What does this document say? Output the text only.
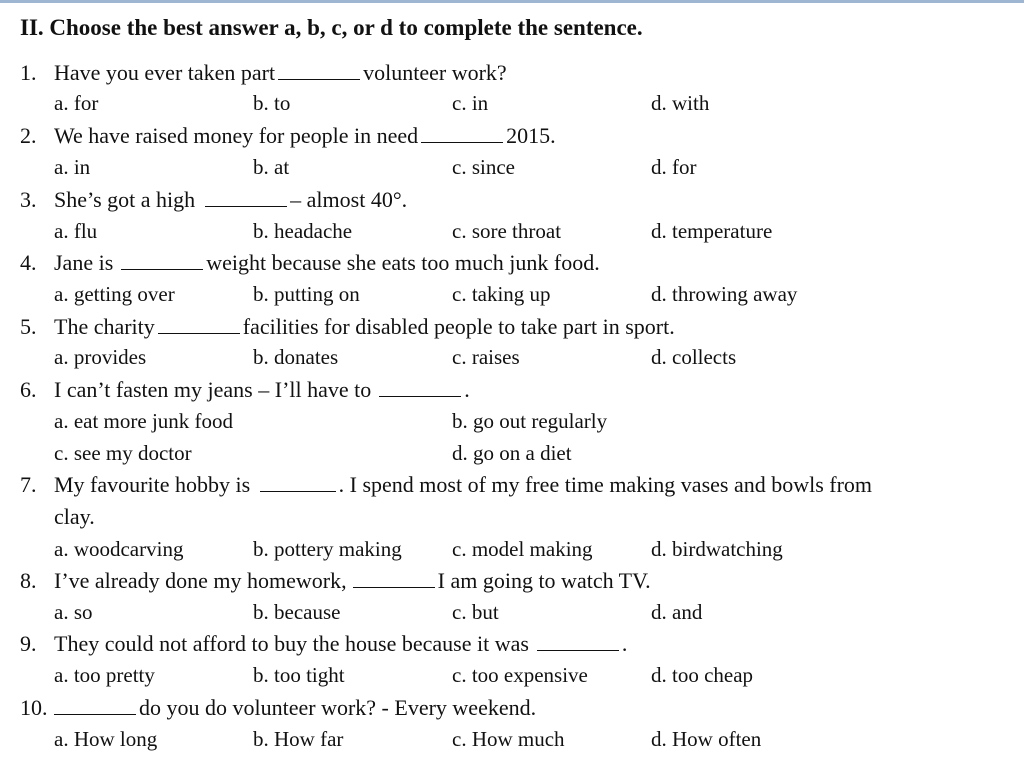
II. Choose the best answer a, b, c, or d to complete the sentence.
1. Have you ever taken part	volunteer work?
a. for	b. to	c. in	d. with
2. We have raised money for people in need	2015.
a. in	b. at	c. since	d. for
3. She’s got a high	– almost 40°.
a. flu	b. headache	c. sore throat	d. temperature
4. Jane is	weight because she eats too much junk food.
a. getting over	b. putting on	c. taking up	d. throwing away
5. The charity	facilities for disabled people to take part in sport.
a. provides	b. donates	c. raises	d. collects
6. I can’t fasten my jeans – I’ll have to	.
a. eat more junk food	b. go out regularly
c. see my doctor	d. go on a diet
7. My favourite hobby is	. I spend most of my free time making vases and bowls from
clay.
a. woodcarving	b. pottery making c. model making	d. birdwatching
8. I’ve already done my homework,	I am going to watch TV.
a. so	b. because	c. but	d. and
9. They could not afford to buy the house because it was	.
a. too pretty	b. too tight	c. too expensive	d. too cheap
10.	do you do volunteer work? - Every weekend.
a. How long	b. How far	c. How much	d. How often
